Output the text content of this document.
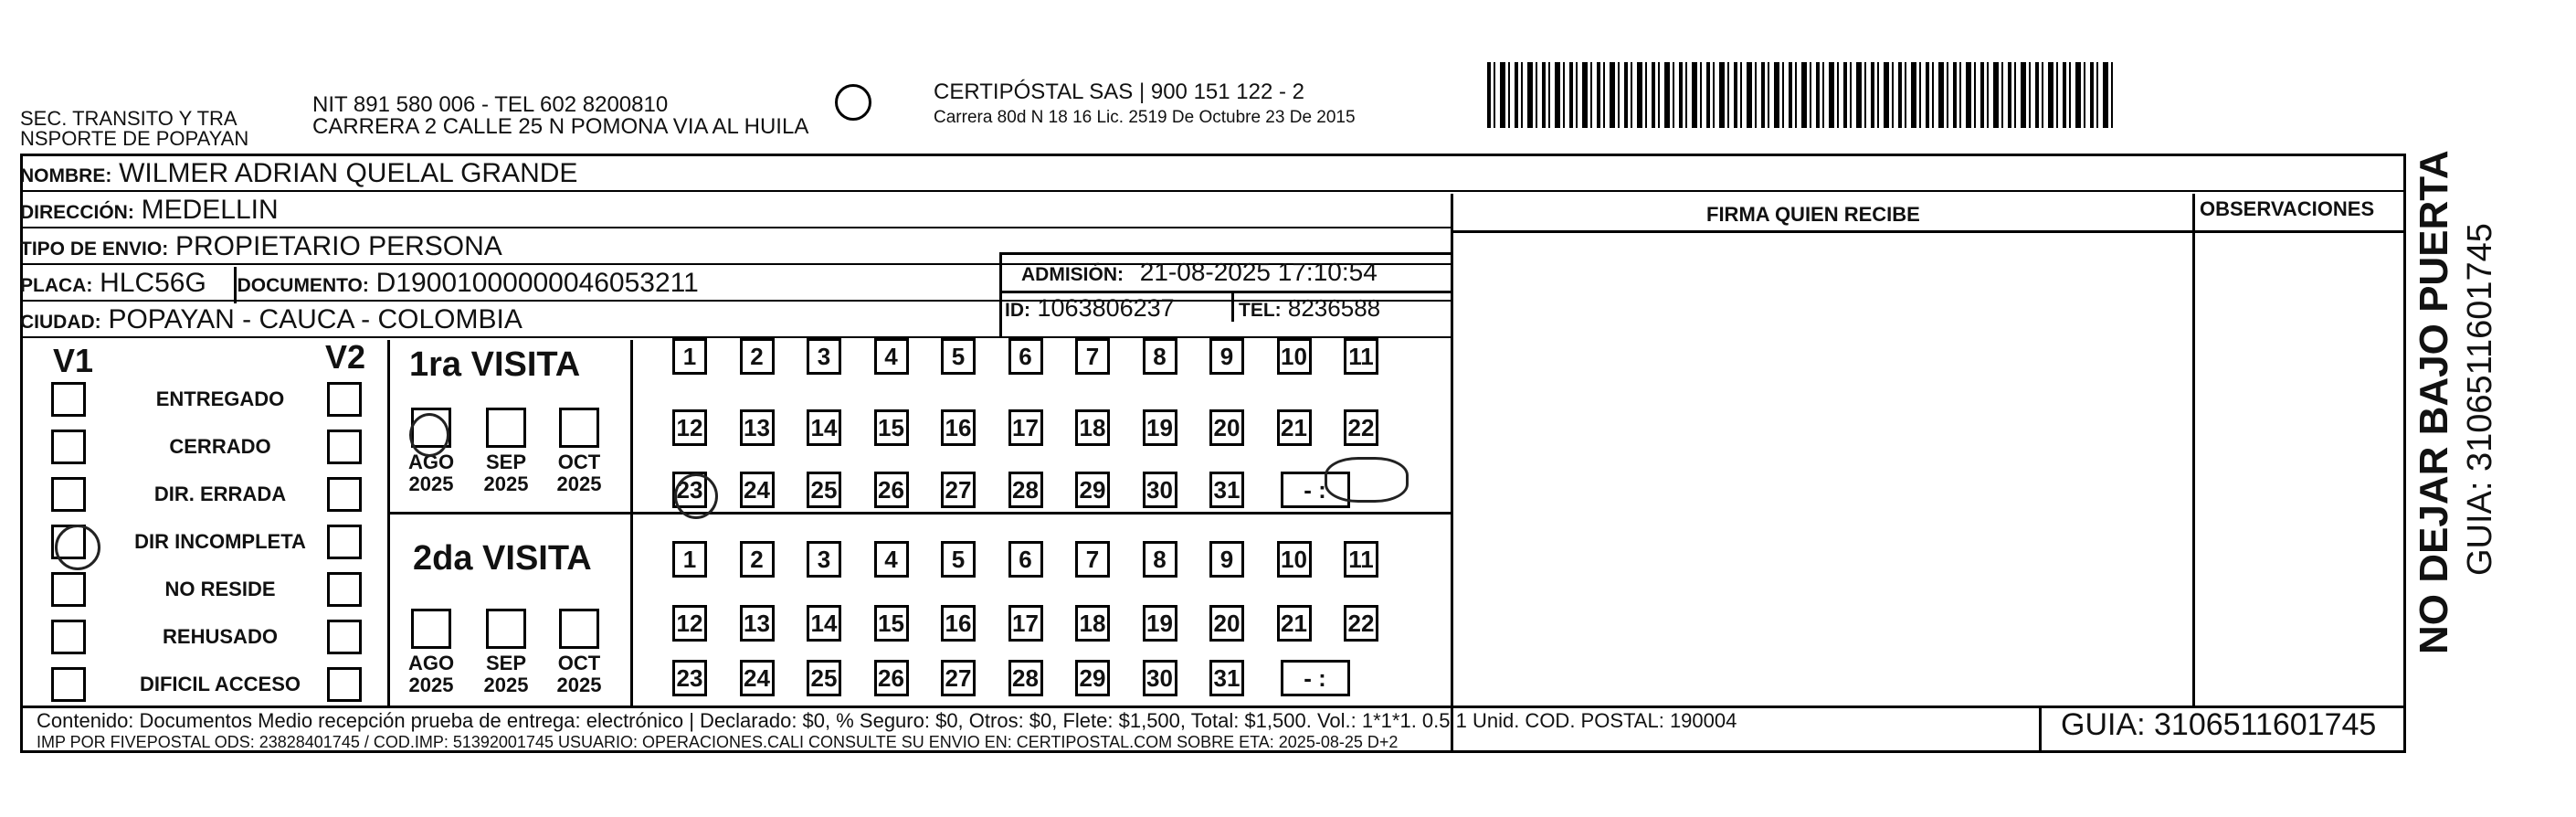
SEC. TRANSITO Y TRA
NSPORTE DE POPAYAN
NIT 891 580 006 - TEL 602 8200810
CARRERA 2 CALLE 25 N POMONA VIA AL HUILA
CERTIPÓSTAL SAS | 900 151 122 - 2
Carrera 80d N 18 16 Lic. 2519 De Octubre 23 De 2015
NOMBRE: WILMER ADRIAN QUELAL GRANDE
DIRECCIÓN: MEDELLIN
TIPO DE ENVIO: PROPIETARIO PERSONA
PLACA: HLC56G DOCUMENTO: D19001000000046053211
CIUDAD: POPAYAN - CAUCA - COLOMBIA
ADMISIÓN: 21-08-2025 17:10:54
ID: 1063806237	TEL: 8236588
FIRMA QUIEN RECIBE	OBSERVACIONES
V1	V2
ENTREGADO
CERRADO
DIR. ERRADA
DIR INCOMPLETA
NO RESIDE
REHUSADO
DIFICIL ACCESO
1ra VISITA
2da VISITA
AGO
2025
SEP
2025
OCT
2025
AGO
2025
SEP
2025
OCT
2025
1	2	3	4	5	6	7	8	9	10 11
12 13 14 15 16 17 18 19 20 21 22
23 24 25 26 27 28 29 30 31	- :
1	2	3	4	5	6	7	8	9	10 11
12 13 14 15 16 17 18 19 20 21 22
23 24 25 26 27 28 29 30 31	- :
Contenido: Documentos Medio recepción prueba de entrega: electrónico | Declarado: $0, % Seguro: $0, Otros: $0, Flete: $1,500, Total: $1,500. Vol.: 1*1*1. 0.5 1 Unid. COD. POSTAL: 190004
IMP POR FIVEPOSTAL ODS: 23828401745 / COD.IMP: 51392001745 USUARIO: OPERACIONES.CALI CONSULTE SU ENVIO EN: CERTIPOSTAL.COM SOBRE ETA: 2025-08-25 D+2	GUIA: 3106511601745
NO DEJAR BAJO PUERTA GUIA: 3106511601745
